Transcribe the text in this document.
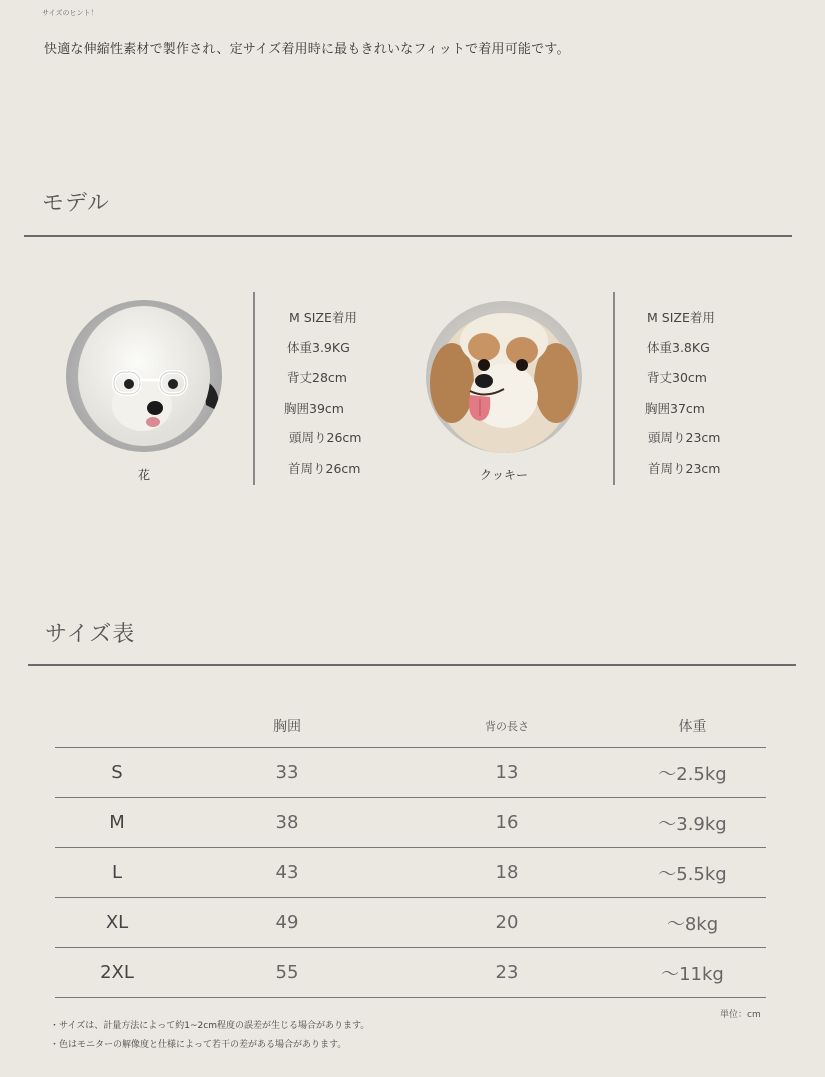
サイズのヒント！
快適な伸縮性素材で製作され、定サイズ着用時に最もきれいなフィットで着用可能です。
モデル
花
M SIZE着用
体重3.9KG
背丈28cm
胸囲39cm
頭周り26cm
首周り26cm	クッキー
M SIZE着用
体重3.8KG
背丈30cm
胸囲37cm
頭周り23cm
首周り23cm
サイズ表
	胸囲	背の長さ	体重
S	33	13	～2.5kg
M	38	16	～3.9kg
L	43	18	～5.5kg
XL	49	20	～8kg
2XL	55	23	～11kg
単位：cm
・サイズは、計量方法によって約1~2cm程度の誤差が生じる場合があります。
・色はモニターの解像度と仕様によって若干の差がある場合があります。
